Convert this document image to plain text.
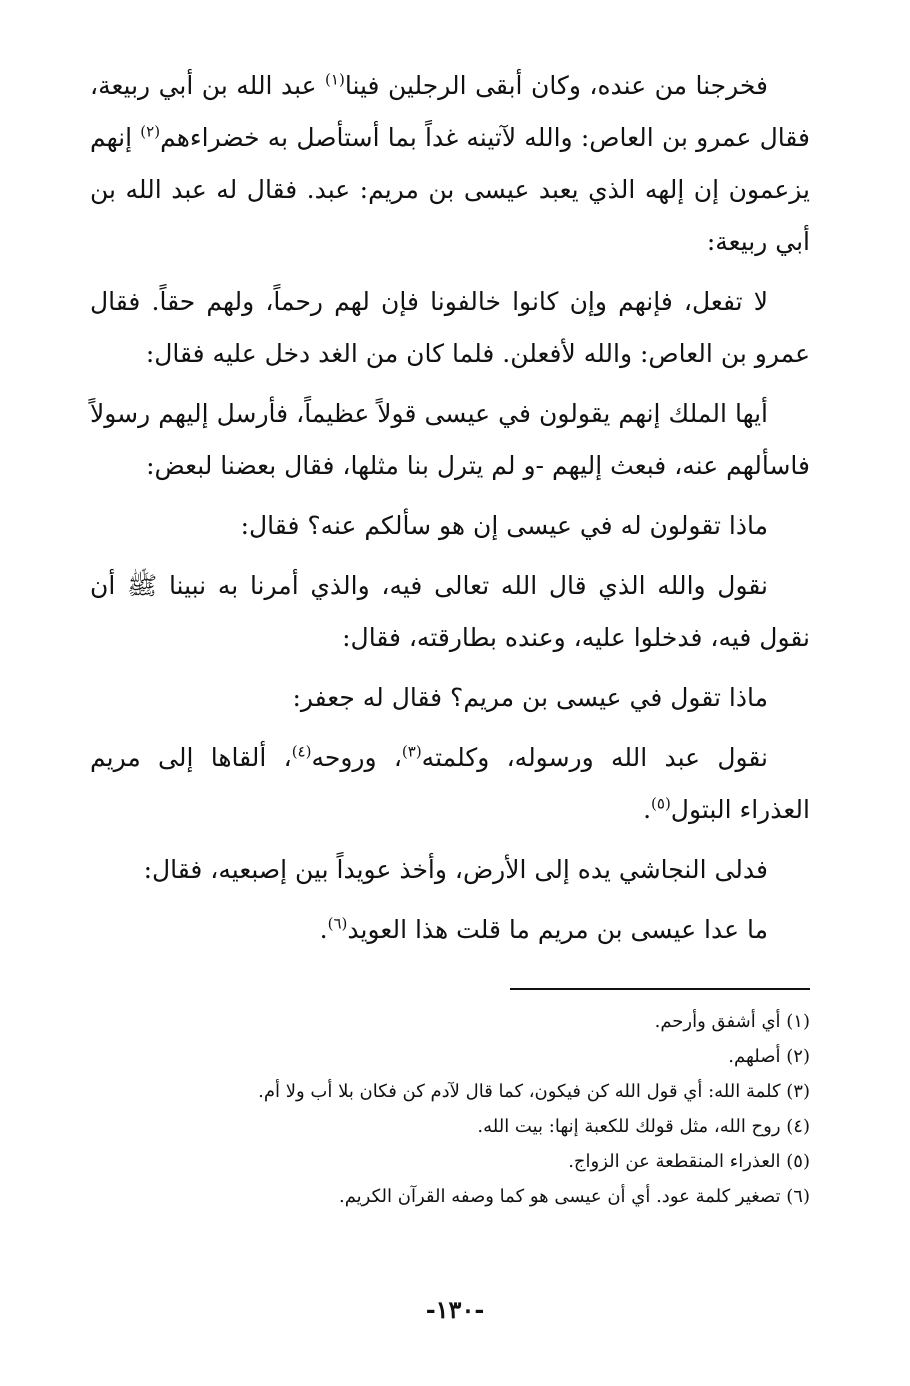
فخرجنا من عنده، وكان أبقى الرجلين فينا$^{(١)}$ عبد الله بن أبي ربيعة، فقال عمرو بن العاص: والله لآتينه غداً بما أستأصل به خضراءهم$^{(٢)}$ إنهم يزعمون إن إلهه الذي يعبد عيسى بن مريم: عبد. فقال له عبد الله بن أبي ربيعة:

لا تفعل، فإنهم وإن كانوا خالفونا فإن لهم رحماً، ولهم حقاً. فقال عمرو بن العاص: والله لأفعلن. فلما كان من الغد دخل عليه فقال:

أيها الملك إنهم يقولون في عيسى قولاً عظيماً، فأرسل إليهم رسولاً فاسألهم عنه، فبعث إليهم -و لم يترل بنا مثلها، فقال بعضنا لبعض:

ماذا تقولون له في عيسى إن هو سألكم عنه؟ فقال:

نقول والله الذي قال الله تعالى فيه، والذي أمرنا به نبينا ﷺ أن نقول فيه، فدخلوا عليه، وعنده بطارقته، فقال:

ماذا تقول في عيسى بن مريم؟ فقال له جعفر:

نقول عبد الله ورسوله، وكلمته$^{(٣)}$، وروحه$^{(٤)}$، ألقاها إلى مريم العذراء البتول$^{(٥)}$.

فدلى النجاشي يده إلى الأرض، وأخذ عويداً بين إصبعيه، فقال:

ما عدا عيسى بن مريم ما قلت هذا العويد$^{(٦)}$.

(١) أي أشفق وأرحم.

(٢) أصلهم.

(٣) كلمة الله: أي قول الله كن فيكون، كما قال لآدم كن فكان بلا أب ولا أم.

(٤) روح الله، مثل قولك للكعبة إنها: بيت الله.

(٥) العذراء المنقطعة عن الزواج.

(٦) تصغير كلمة عود. أي أن عيسى هو كما وصفه القرآن الكريم.

-١٣٠-
